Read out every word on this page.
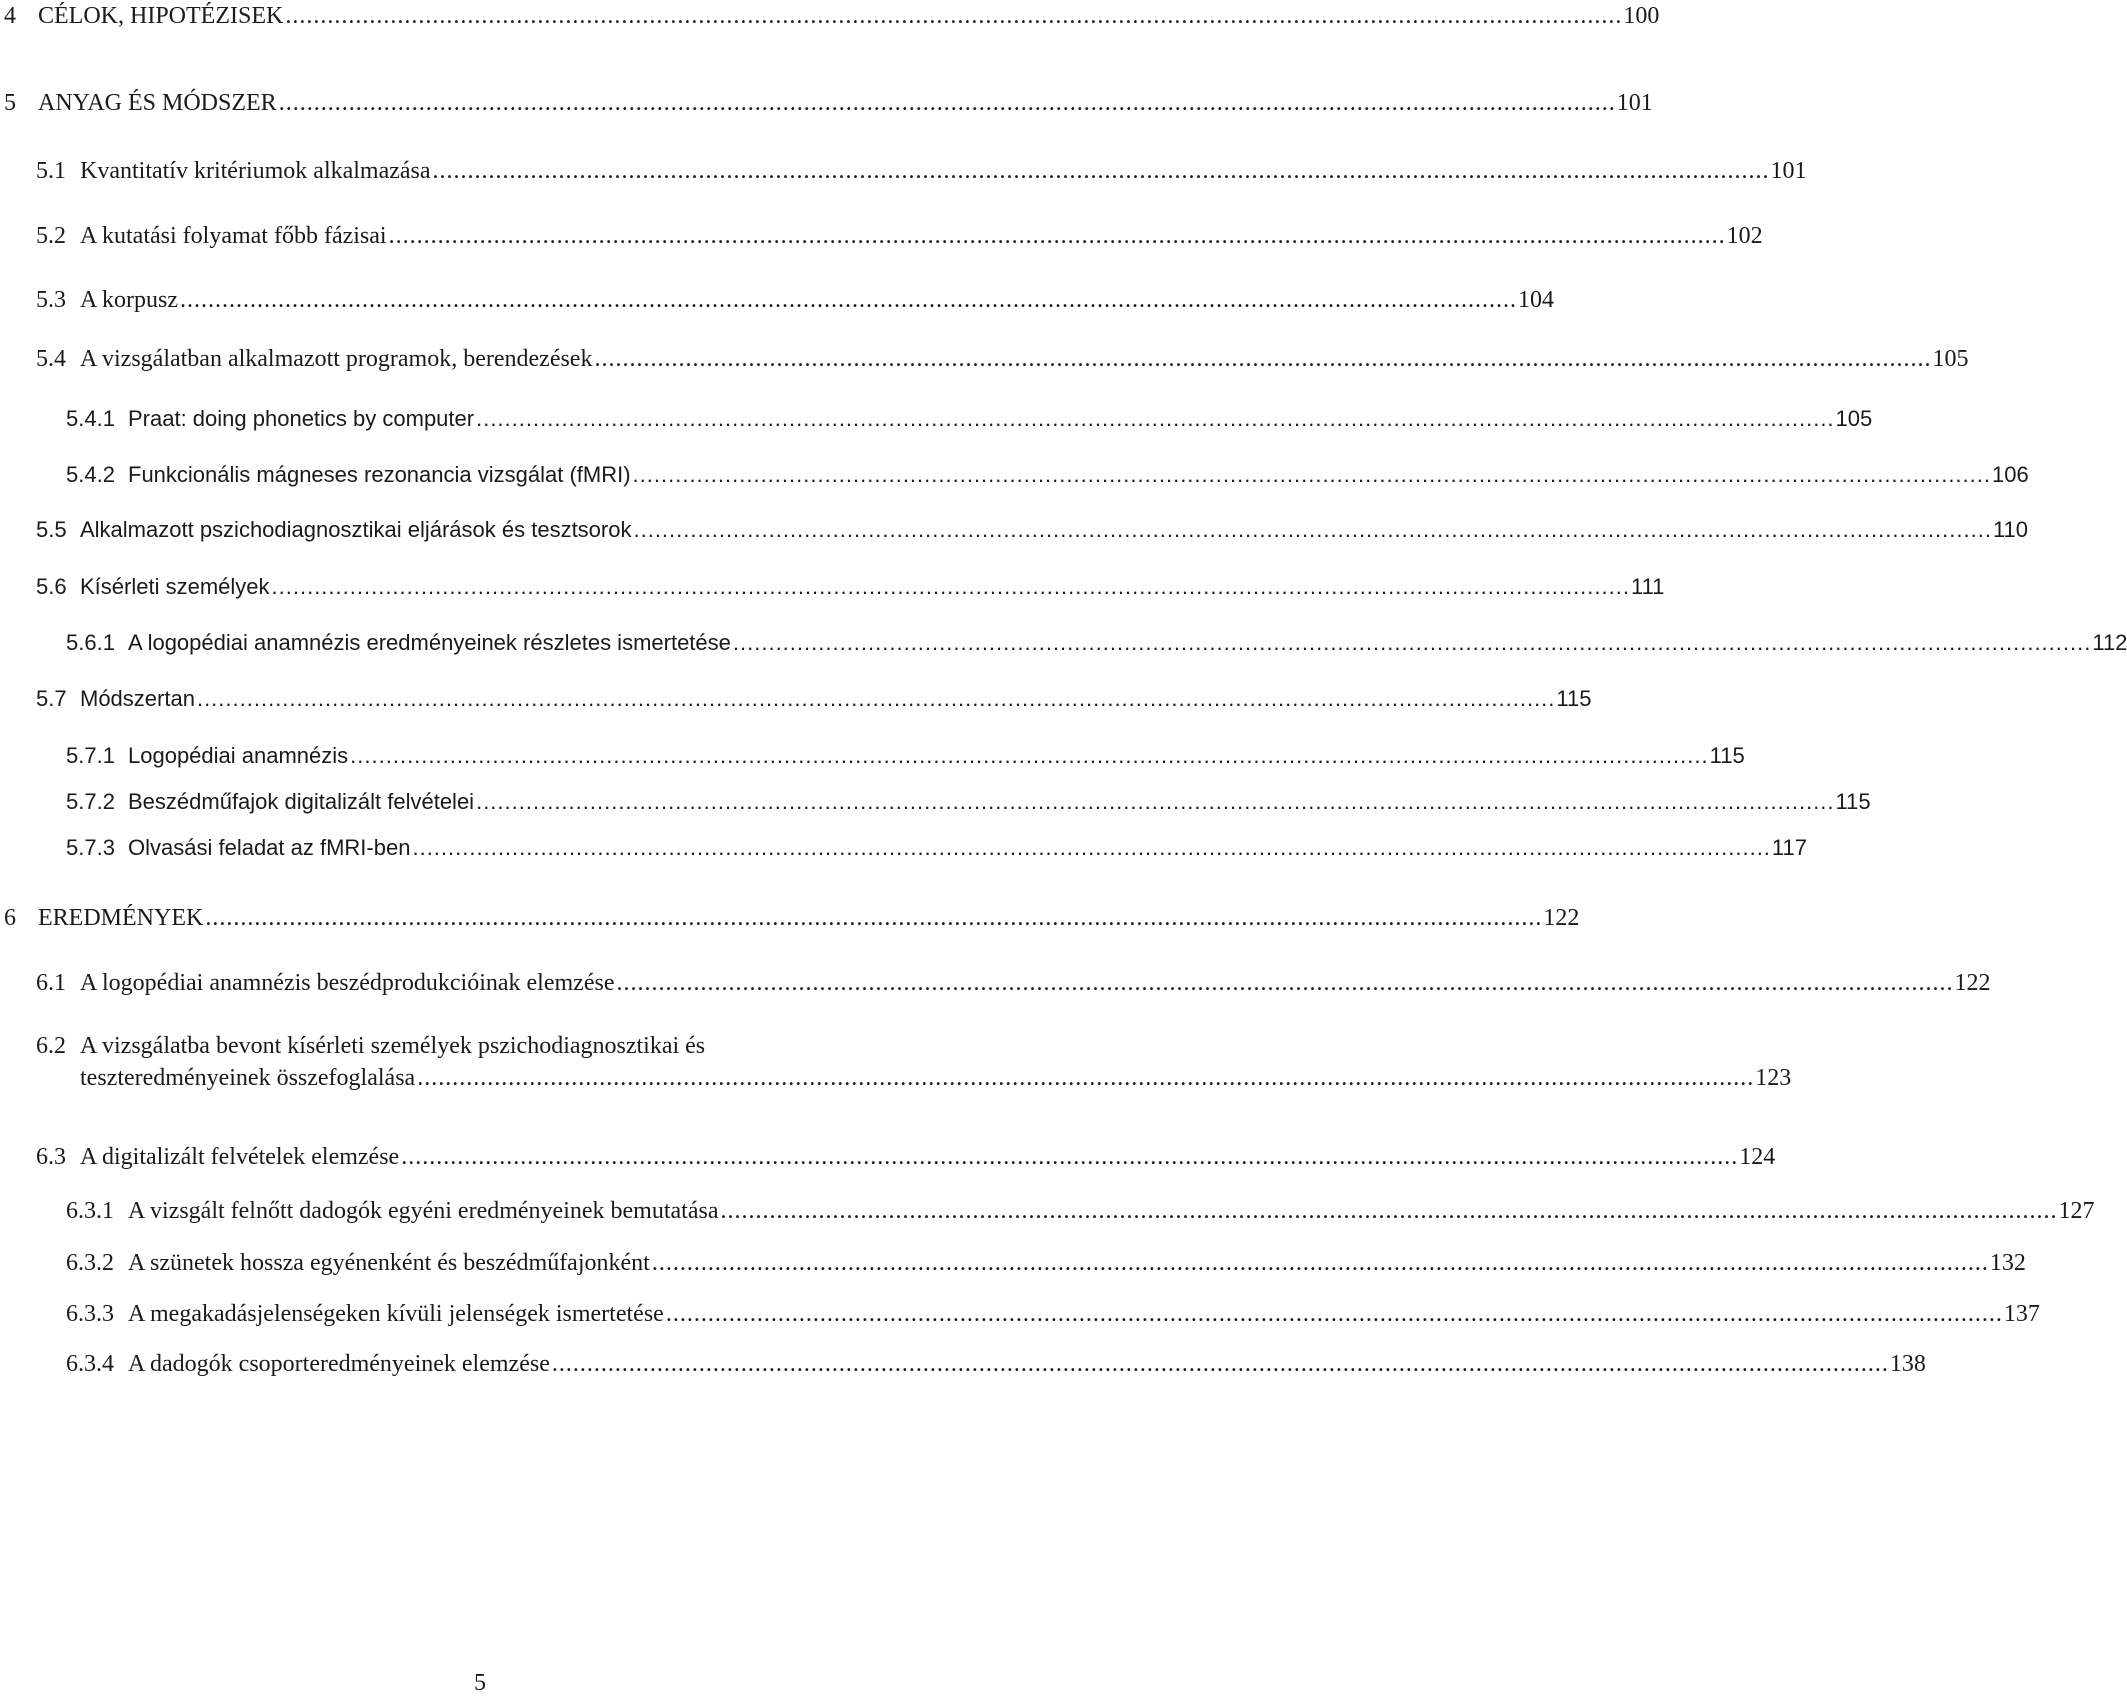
4 CÉLOK, HIPOTÉZISEK ............................................................................................................................................................................................... 100
5 ANYAG ÉS MÓDSZER ............................................................................................................................................................................................... 101
5.1 Kvantitatív kritériumok alkalmazása ............................................................................................................................................................................................... 101
5.2 A kutatási folyamat főbb fázisai ............................................................................................................................................................................................... 102
5.3 A korpusz ............................................................................................................................................................................................... 104
5.4 A vizsgálatban alkalmazott programok, berendezések ............................................................................................................................................................................................... 105
5.4.1 Praat: doing phonetics by computer ............................................................................................................................................................................................... 105
5.4.2 Funkcionális mágneses rezonancia vizsgálat (fMRI) ............................................................................................................................................................................................... 106
5.5 Alkalmazott pszichodiagnosztikai eljárások és tesztsorok ............................................................................................................................................................................................... 110
5.6 Kísérleti személyek ............................................................................................................................................................................................... 111
5.6.1 A logopédiai anamnézis eredményeinek részletes ismertetése ............................................................................................................................................................................................... 112
5.7 Módszertan ............................................................................................................................................................................................... 115
5.7.1 Logopédiai anamnézis ............................................................................................................................................................................................... 115
5.7.2 Beszédműfajok digitalizált felvételei ............................................................................................................................................................................................... 115
5.7.3 Olvasási feladat az fMRI-ben ............................................................................................................................................................................................... 117
6 EREDMÉNYEK ............................................................................................................................................................................................... 122
6.1 A logopédiai anamnézis beszédprodukcióinak elemzése ............................................................................................................................................................................................... 122
6.2 A vizsgálatba bevont kísérleti személyek pszichodiagnosztikai és
teszteredményeinek összefoglalása ............................................................................................................................................................................................... 123
6.3 A digitalizált felvételek elemzése ............................................................................................................................................................................................... 124
6.3.1 A vizsgált felnőtt dadogók egyéni eredményeinek bemutatása ............................................................................................................................................................................................... 127
6.3.2 A szünetek hossza egyénenként és beszédműfajonként ............................................................................................................................................................................................... 132
6.3.3 A megakadásjelenségeken kívüli jelenségek ismertetése ............................................................................................................................................................................................... 137
6.3.4 A dadogók csoporteredményeinek elemzése ............................................................................................................................................................................................... 138
5
